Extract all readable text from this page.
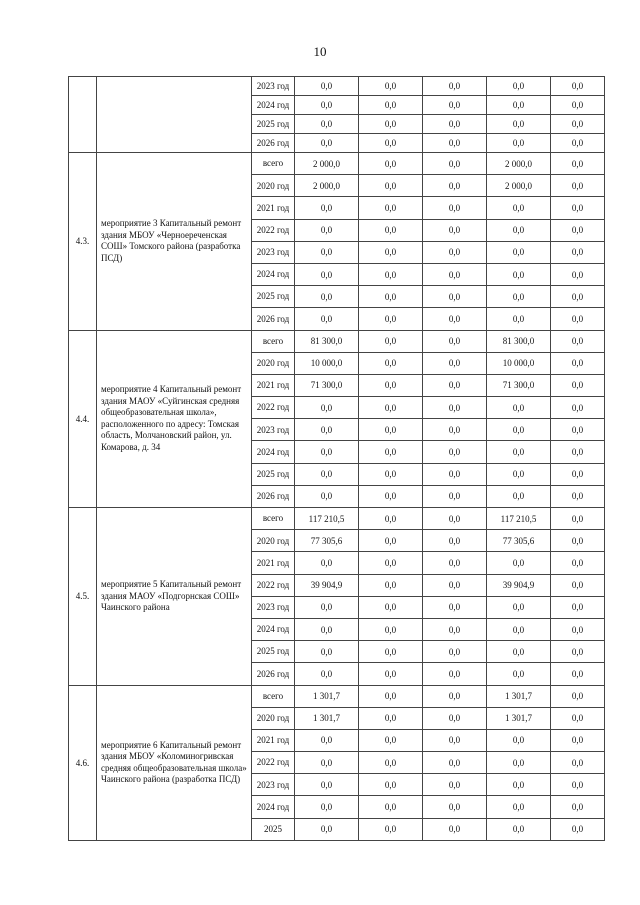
10
		2023 год	0,0	0,0	0,0	0,0	0,0
		2024 год	0,0	0,0	0,0	0,0	0,0
		2025 год	0,0	0,0	0,0	0,0	0,0
		2026 год	0,0	0,0	0,0	0,0	0,0
4.3.	мероприятие 3 Капитальный ремонт здания МБОУ «Черноереченская СОШ» Томского района (разработка ПСД)	всего	2 000,0	0,0	0,0	2 000,0	0,0
		2020 год	2 000,0	0,0	0,0	2 000,0	0,0
		2021 год	0,0	0,0	0,0	0,0	0,0
		2022 год	0,0	0,0	0,0	0,0	0,0
		2023 год	0,0	0,0	0,0	0,0	0,0
		2024 год	0,0	0,0	0,0	0,0	0,0
		2025 год	0,0	0,0	0,0	0,0	0,0
		2026 год	0,0	0,0	0,0	0,0	0,0
4.4.	мероприятие 4 Капитальный ремонт здания МАОУ «Суйгинская средняя общеобразовательная школа», расположенного по адресу: Томская область, Молчановский район, ул. Комарова, д. 34	всего	81 300,0	0,0	0,0	81 300,0	0,0
		2020 год	10 000,0	0,0	0,0	10 000,0	0,0
		2021 год	71 300,0	0,0	0,0	71 300,0	0,0
		2022 год	0,0	0,0	0,0	0,0	0,0
		2023 год	0,0	0,0	0,0	0,0	0,0
		2024 год	0,0	0,0	0,0	0,0	0,0
		2025 год	0,0	0,0	0,0	0,0	0,0
		2026 год	0,0	0,0	0,0	0,0	0,0
4.5.	мероприятие 5 Капитальный ремонт здания МАОУ «Подгорнская СОШ» Чаинского района	всего	117 210,5	0,0	0,0	117 210,5	0,0
		2020 год	77 305,6	0,0	0,0	77 305,6	0,0
		2021 год	0,0	0,0	0,0	0,0	0,0
		2022 год	39 904,9	0,0	0,0	39 904,9	0,0
		2023 год	0,0	0,0	0,0	0,0	0,0
		2024 год	0,0	0,0	0,0	0,0	0,0
		2025 год	0,0	0,0	0,0	0,0	0,0
		2026 год	0,0	0,0	0,0	0,0	0,0
4.6.	мероприятие 6 Капитальный ремонт здания МБОУ «Коломиногривская средняя общеобразовательная школа» Чаинского района (разработка ПСД)	всего	1 301,7	0,0	0,0	1 301,7	0,0
		2020 год	1 301,7	0,0	0,0	1 301,7	0,0
		2021 год	0,0	0,0	0,0	0,0	0,0
		2022 год	0,0	0,0	0,0	0,0	0,0
		2023 год	0,0	0,0	0,0	0,0	0,0
		2024 год	0,0	0,0	0,0	0,0	0,0
		2025	0,0	0,0	0,0	0,0	0,0
